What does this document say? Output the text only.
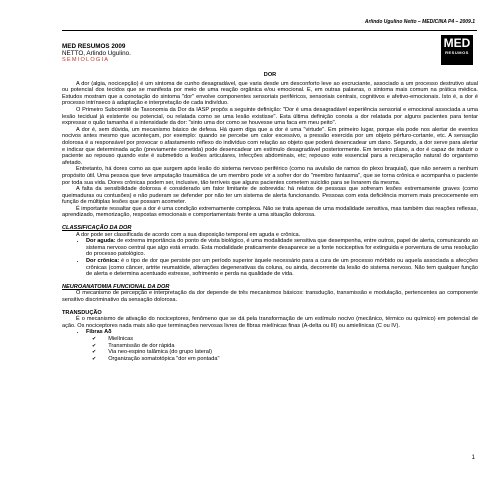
Arlindo Ugulino Netto – MEDICINA P4 – 2009.1
MED RESUMOS 2009
NETTO, Arlindo Ugulino.
SEMIOLOGIA
MED
RESUMOS
DOR

A dor (algia, nocicepção) é um sintoma de cunho desagradável, que varia desde um desconforto leve ao excruciante, associado a um processo destrutivo atual ou potencial dos tecidos que se manifesta por meio de uma reação orgânica e/ou emocional. E, em outras palavras, o sintoma mais comum na prática médica. Estudos mostram que a conotação do sintoma "dor" envolve componentes sensoriais periféricos, sensoriais centrais, cognitivos e afetivo-emocionais. Isto é, a dor é processo intrínseco à adaptação e interpretação de cada indivíduo.

O Primeiro Subcomitê de Taxonomia da Dor da IASP propôs a seguinte definição: "Dor é uma desagradável experiência sensorial e emocional associada a uma lesão tecidual já existente ou potencial, ou relatada como se uma lesão existisse". Esta última definição conota a dor relatada por alguns pacientes para tentar expressar o quão tamanha é a intensidade da dor: "sinto uma dor como se houvesse uma faca em meu peito".

A dor é, sem dúvida, um mecanismo básico de defesa. Há quem diga que a dor é uma "virtude". Em primeiro lugar, porque ela pode nos alertar de eventos nocivos antes mesmo que aconteçam, por exemplo: quando se percebe um calor excessivo, a pressão exercida por um objeto pérfuro-cortante, etc. A sensação dolorosa é a responsável por provocar o afastamento reflexo do indivíduo com relação ao objeto que poderá desencadear um dano. Segundo, a dor serve para alertar e indicar que determinada ação (previamente cometida) pode desencadear um estímulo desagradável posteriormente. Em terceiro plano, a dor é capaz de induzir o paciente ao repouso quando este é submetido a lesões articulares, infecções abdominais, etc; repouso este essencial para a recuperação natural do organismo afetado.

Entretanto, há dores como as que surgem após lesão do sistema nervoso periférico (como na avulsão de ramos do plexo braquial), que não servem a nenhum propósito útil. Uma pessoa que teve amputação traumática de um membro pode vir a sofrer dor do "membro fantasma", que se torna crônica e acompanha o paciente por toda sua vida. Dores crônicas podem ser, inclusive, tão terríveis que alguns pacientes cometem suicídio para se livrarem da mesma.

A falta da sensibilidade dolorosa é considerado um fator limitante de sobrevida: há relatos de pessoas que sofreram lesões extremamente graves (como queimaduras ou contusões) e não puderam se defender por não ter um sistema de alerta funcionando. Pessoas com esta deficiência morrem mais precocemente em função de múltiplas lesões que possam acometer.

É importante ressaltar que a dor é uma condição extremamente complexa. Não se trata apenas de uma modalidade sensitiva, mas também das reações reflexas, aprendizado, memorização, respostas emocionais e comportamentais frente a uma situação dolorosa.

CLASSIFICAÇÃO DA DOR

A dor pode ser classificada de acordo com a sua disposição temporal em aguda e crônica.

• Dor aguda: de extrema importância do ponto de vista biológico, é uma modalidade sensitiva que desempenha, entre outros, papel de alerta, comunicando ao sistema nervoso central que algo está errado. Esta modalidade praticamente desaparece se a fonte nociceptiva for extinguida e porventura de uma resolução do processo patológico.
• Dor crônica: é o tipo de dor que persiste por um período superior àquele necessário para a cura de um processo mórbido ou aquela associada a afecções crônicas (como câncer, artrite reumatóide, alterações degenerativas da coluna, ou ainda, decorrente da lesão do sistema nervoso. Não tem qualquer função de alerta e determina acentuado estresse, sofrimento e perda na qualidade de vida.
NEUROANATOMIA FUNCIONAL DA DOR

O mecanismo de percepção e interpretação da dor depende de três mecanismos básicos: transdução, transmissão e modulação, pertencentes ao componente sensitivo discriminativo da sensação dolorosa.

TRANSDUÇÃO

É o mecanismo de ativação do nociceptores, fenômeno que se dá pela transformação de um estímulo nocivo (mecânico, térmico ou químico) em potencial de ação. Os nociceptores nada mais são que terminações nervosas livres de fibras mielínicas finas (A-delta ou III) ou amielínicas (C ou IV).

• Fibras Aδ
✔ Mielínicas
✔ Transmissão de dor rápida
✔ Via neo-espino talâmica (do grupo lateral)
✔ Organização somatotópica "dor em pontada"
1
